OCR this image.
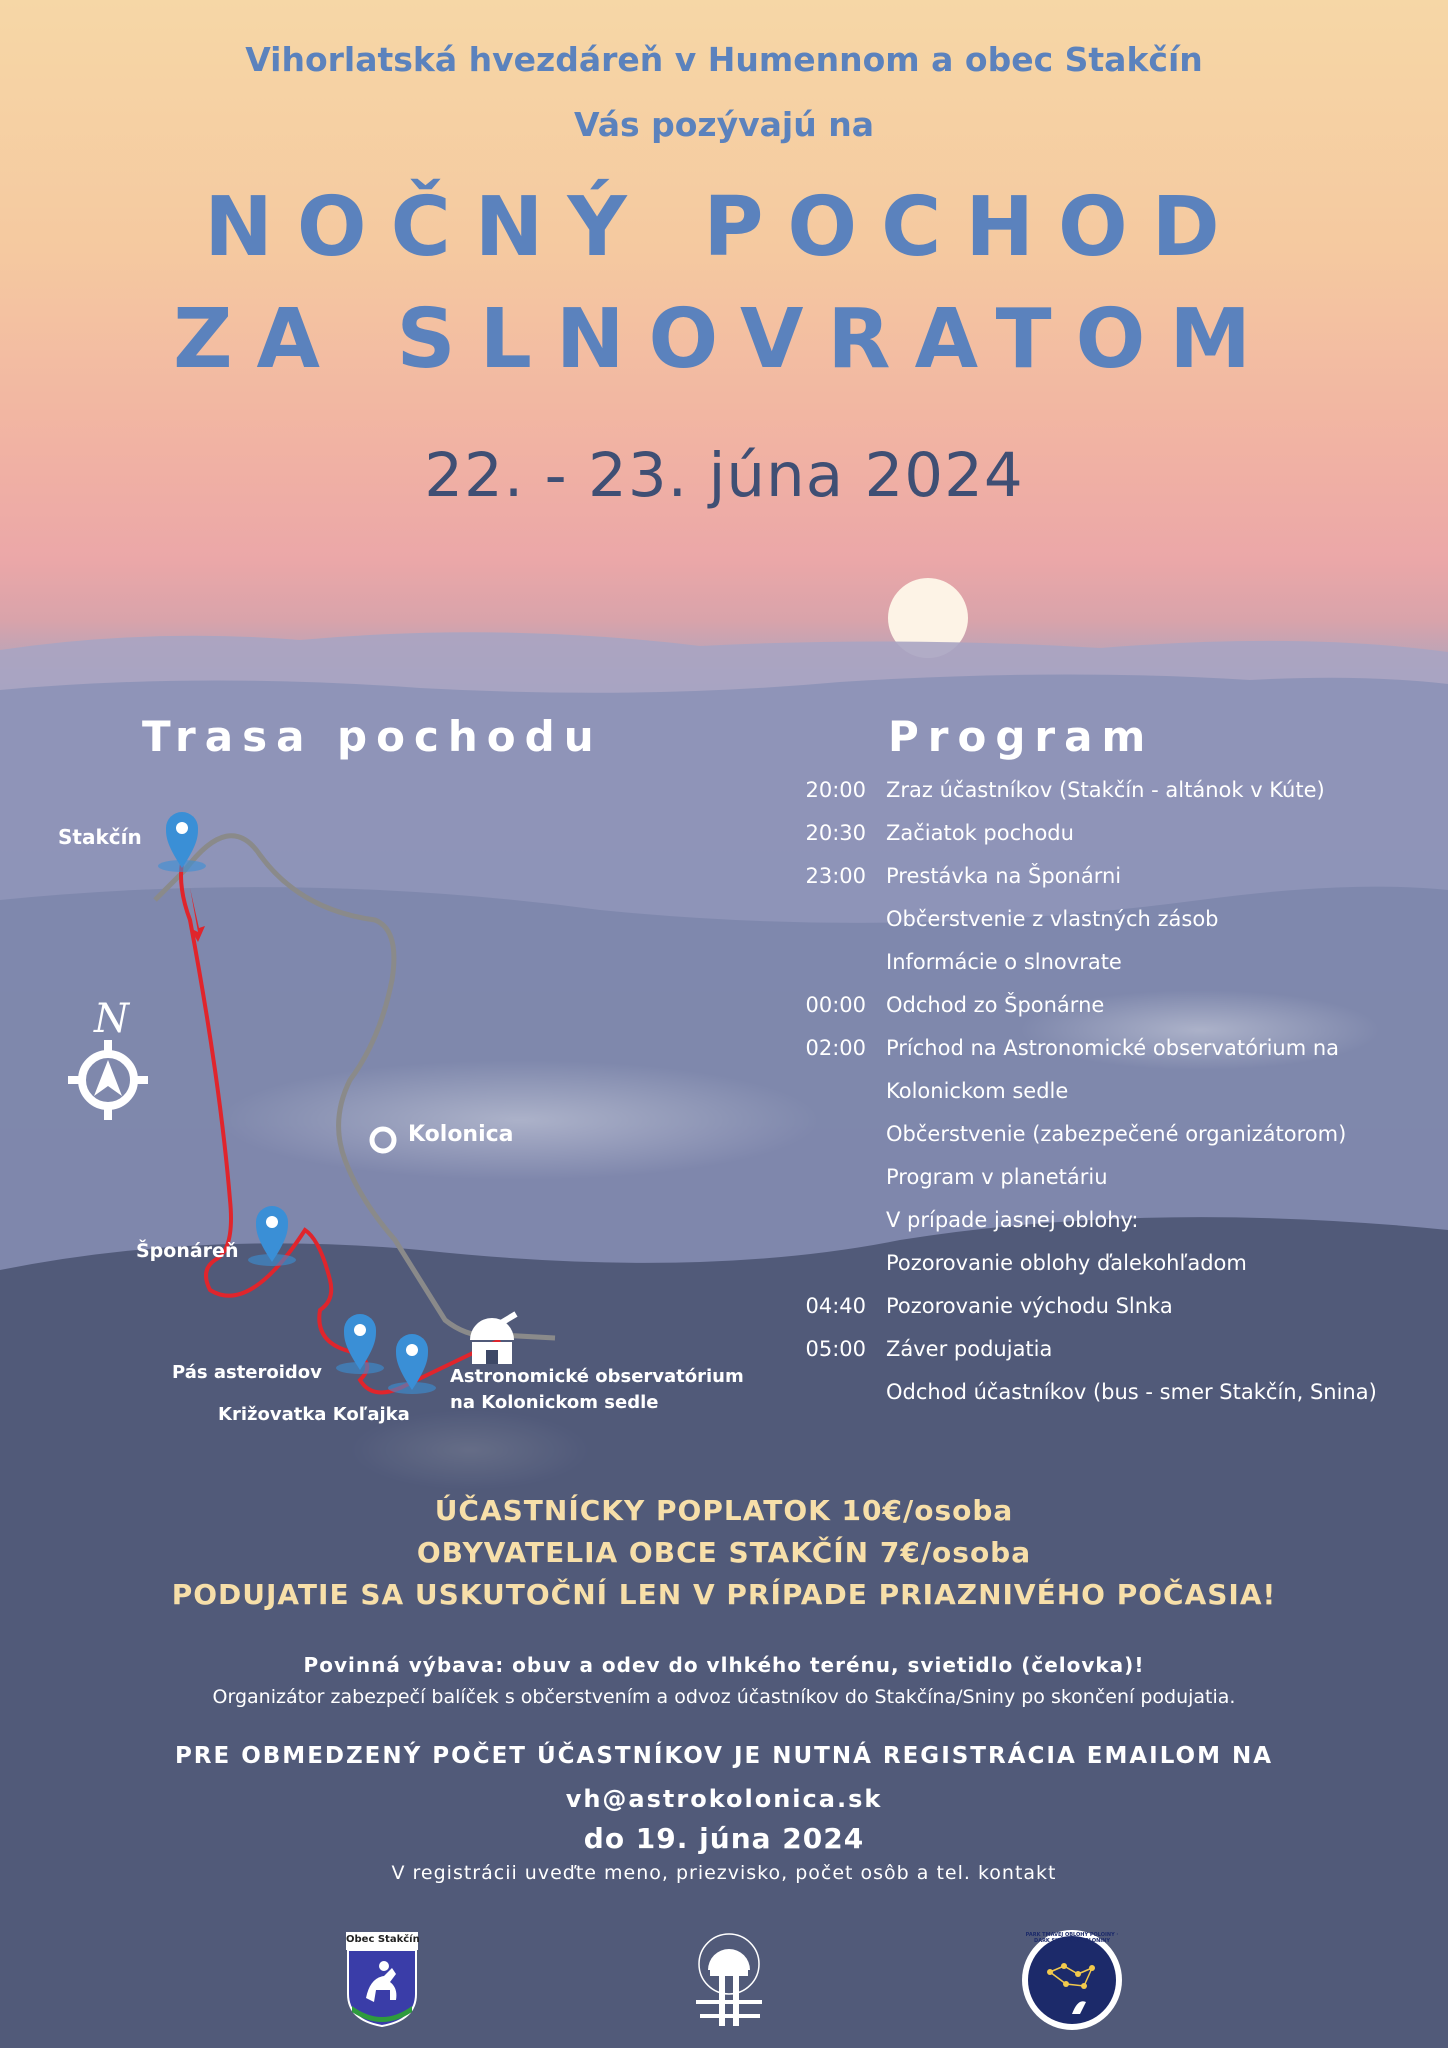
Vihorlatská hvezdáreň v Humennom a obec Stakčín
Vás pozývajú na
NOČNÝ POCHOD
ZA SLNOVRATOM
22. - 23. júna 2024
Trasa pochodu	Program
N
Stakčín
Kolonica
Šponáreň
Pás asteroidov
Križovatka Koľajka
Astronomické observatórium
na Kolonickom sedle
20:00 Zraz účastníkov (Stakčín - altánok v Kúte)
20:30 Začiatok pochodu
23:00 Prestávka na Šponárni
Občerstvenie z vlastných zásob
Informácie o slnovrate
00:00 Odchod zo Šponárne
02:00 Príchod na Astronomické observatórium na
Kolonickom sedle
Občerstvenie (zabezpečené organizátorom)
Program v planetáriu
V prípade jasnej oblohy:
Pozorovanie oblohy ďalekohľadom
04:40 Pozorovanie východu Slnka
05:00 Záver podujatia
Odchod účastníkov (bus - smer Stakčín, Snina)
ÚČASTNÍCKY POPLATOK 10€/osoba
OBYVATELIA OBCE STAKČÍN 7€/osoba
PODUJATIE SA USKUTOČNÍ LEN V PRÍPADE PRIAZNIVÉHO POČASIA!
Povinná výbava: obuv a odev do vlhkého terénu, svietidlo (čelovka)!
Organizátor zabezpečí balíček s občerstvením a odvoz účastníkov do Stakčína/Sniny po skončení podujatia.
PRE OBMEDZENÝ POČET ÚČASTNÍKOV JE NUTNÁ REGISTRÁCIA EMAILOM NA
vh@astrokolonica.sk
do 19. júna 2024
V registrácii uveďte meno, priezvisko, počet osôb a tel. kontakt
Obec Stakčín	PARK TMAVEJ OBLOHY POLOINY · DARK SKY PARK POLONINY
